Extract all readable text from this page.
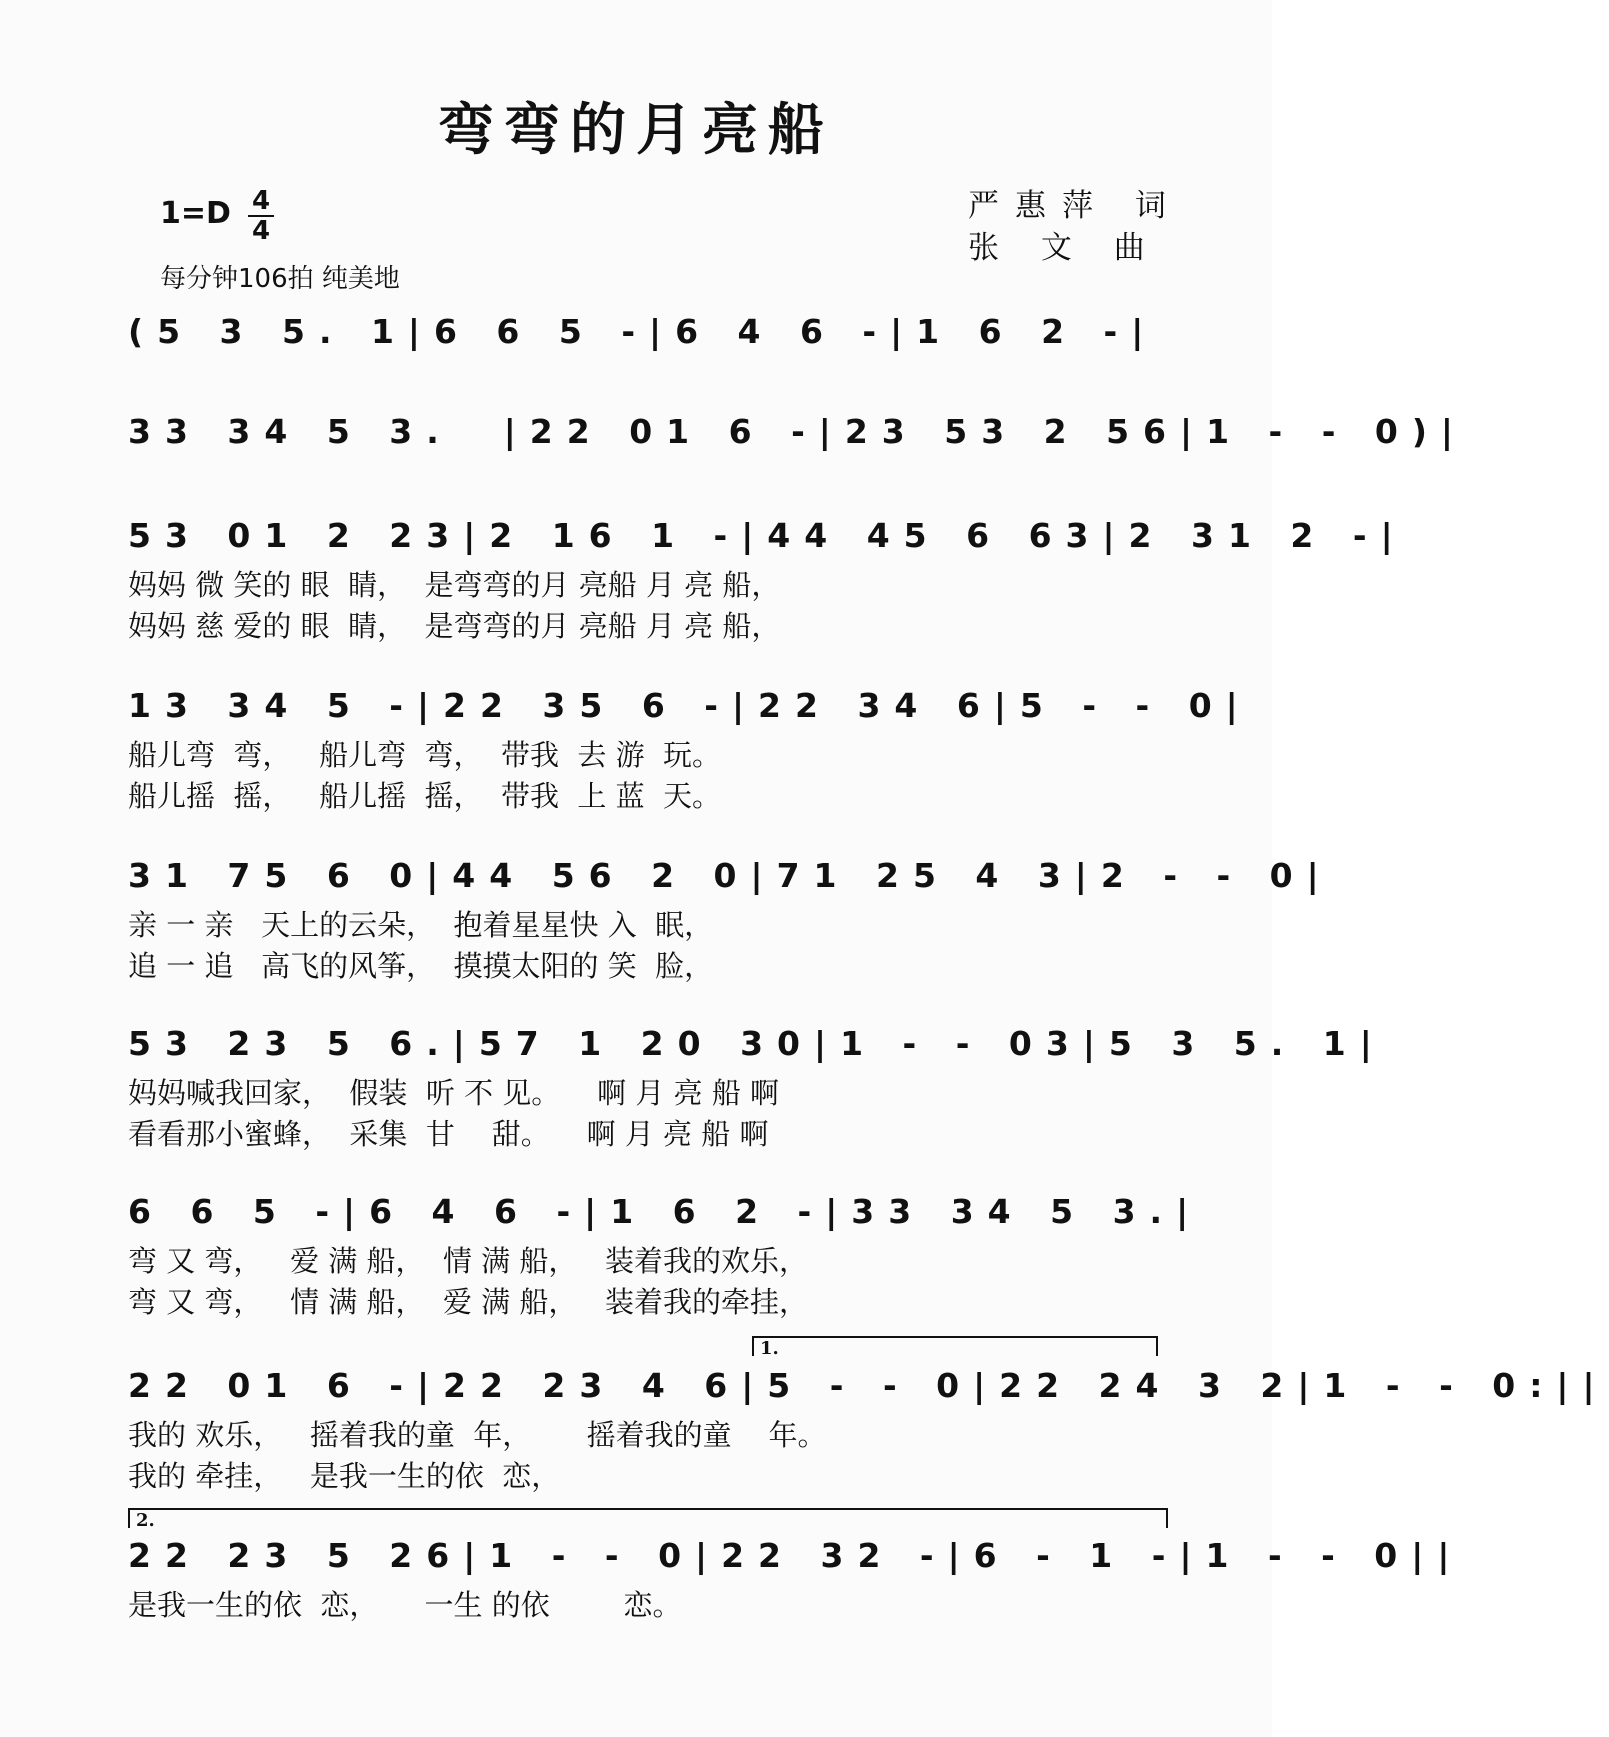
弯弯的月亮船
1=D 4
4
每分钟106拍 纯美地
严惠萍 词
张 文 曲
(5 3 5. 1|6 6 5 -|6 4 6 -|1 6 2 -|
33 34 5 3.  |22 01 6 -|23 53 2 56|1 - - 0)|
53 01 2 23|2 16 1 -|44 45 6 63|2 31 2 -|
妈妈 微 笑的 眼  睛，  是弯弯的月 亮船 月 亮 船，
妈妈 慈 爱的 眼  睛，  是弯弯的月 亮船 月 亮 船，
13 34 5 -|22 35 6 -|22 34 6|5 - - 0|
船儿弯  弯，   船儿弯  弯，  带我  去 游  玩。
船儿摇  摇，   船儿摇  摇，  带我  上 蓝  天。
31 75 6 0|44 56 2 0|71 25 4 3|2 - - 0|
亲 一 亲   天上的云朵，  抱着星星快 入  眠，
追 一 追   高飞的风筝，  摸摸太阳的 笑  脸，
53 23 5 6.|57 1 20 30|1 - - 03|5 3 5. 1|
妈妈喊我回家，  假装  听 不 见。    啊 月 亮 船 啊
看看那小蜜蜂，  采集  甘    甜。    啊 月 亮 船 啊
6 6 5 -|6 4 6 -|1 6 2 -|33 34 5 3.|
弯 又 弯，   爱 满 船，  情 满 船，   装着我的欢乐，
弯 又 弯，   情 满 船，  爱 满 船，   装着我的牵挂，
1.
22 01 6 -|22 23 4 6|5 - - 0|22 24 3 2|1 - - 0:||
我的 欢乐，   摇着我的童  年，      摇着我的童    年。
我的 牵挂，   是我一生的依  恋，
2.
22 23 5 26|1 - - 0|22 32 -|6 - 1 -|1 - - 0||
是我一生的依  恋，     一生 的依        恋。
